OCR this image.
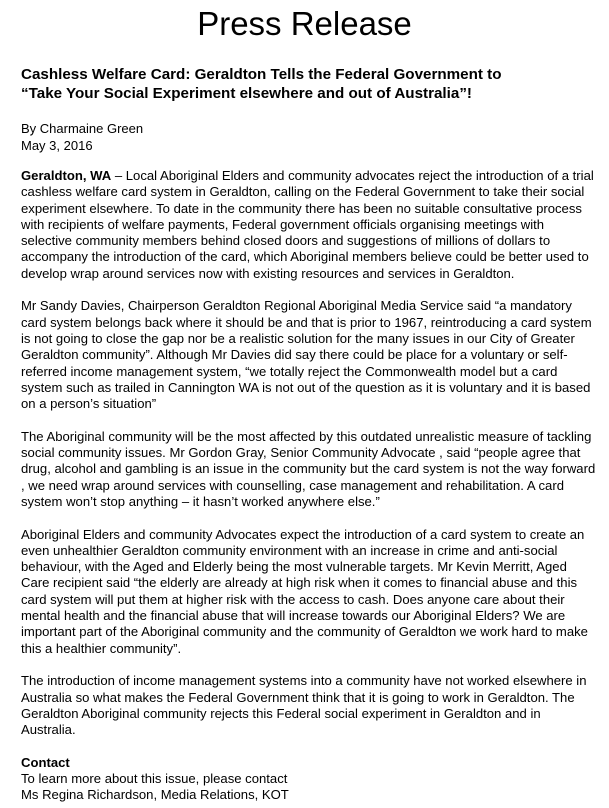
Press Release
Cashless Welfare Card: Geraldton Tells the Federal Government to
“Take Your Social Experiment elsewhere and out of Australia”!
By Charmaine Green
May 3, 2016

Geraldton, WA – Local Aboriginal Elders and community advocates reject the introduction of a trial cashless welfare card system in Geraldton, calling on the Federal Government to take their social experiment elsewhere. To date in the community there has been no suitable consultative process with recipients of welfare payments, Federal government officials organising meetings with selective community members behind closed doors and suggestions of millions of dollars to accompany the introduction of the card, which Aboriginal members believe could be better used to develop wrap around services now with existing resources and services in Geraldton.

Mr Sandy Davies, Chairperson Geraldton Regional Aboriginal Media Service said “a mandatory card system belongs back where it should be and that is prior to 1967, reintroducing a card system is not going to close the gap nor be a realistic solution for the many issues in our City of Greater Geraldton community”. Although Mr Davies did say there could be place for a voluntary or self-referred income management system, “we totally reject the Commonwealth model but a card system such as trailed in Cannington WA is not out of the question as it is voluntary and it is based on a person’s situation”

The Aboriginal community will be the most affected by this outdated unrealistic measure of tackling social community issues. Mr Gordon Gray, Senior Community Advocate , said “people agree that drug, alcohol and gambling is an issue in the community but the card system is not the way forward , we need wrap around services with counselling, case management and rehabilitation. A card system won’t stop anything – it hasn’t worked anywhere else.”

Aboriginal Elders and community Advocates expect the introduction of a card system to create an even unhealthier Geraldton community environment with an increase in crime and anti-social behaviour, with the Aged and Elderly being the most vulnerable targets. Mr Kevin Merritt, Aged Care recipient said “the elderly are already at high risk when it comes to financial abuse and this card system will put them at higher risk with the access to cash. Does anyone care about their mental health and the financial abuse that will increase towards our Aboriginal Elders? We are important part of the Aboriginal community and the community of Geraldton we work hard to make this a healthier community”.

The introduction of income management systems into a community have not worked elsewhere in Australia so what makes the Federal Government think that it is going to work in Geraldton. The Geraldton Aboriginal community rejects this Federal social experiment in Geraldton and in Australia.

Contact
To learn more about this issue, please contact
Ms Regina Richardson, Media Relations, KOT
